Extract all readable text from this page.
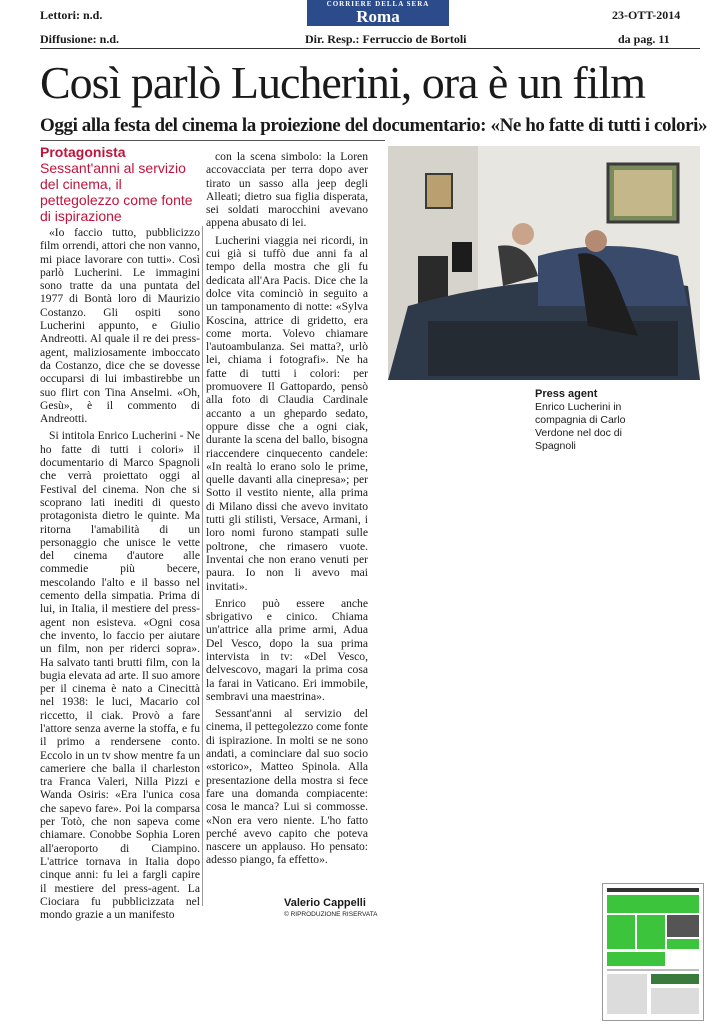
Lettori: n.d.
Diffusione: n.d.
CORRIERE DELLA SERA
Roma
Dir. Resp.: Ferruccio de Bortoli
23-OTT-2014
da pag. 11
Così parlò Lucherini, ora è un film
Oggi alla festa del cinema la proiezione del documentario: «Ne ho fatte di tutti i colori»
Protagonista
Sessant'anni al servizio del cinema, il pettegolezzo come fonte di ispirazione

«Io faccio tutto, pubblicizzo film orrendi, attori che non vanno, mi piace lavorare con tutti». Così parlò Lucherini. Le immagini sono tratte da una puntata del 1977 di Bontà loro di Maurizio Costanzo. Gli ospiti sono Lucherini appunto, e Giulio Andreotti. Al quale il re dei press-agent, maliziosamente imboccato da Costanzo, dice che se dovesse occuparsi di lui imbastirebbe un suo flirt con Tina Anselmi. «Oh, Gesù», è il commento di Andreotti.

Si intitola Enrico Lucherini - Ne ho fatte di tutti i colori» il documentario di Marco Spagnoli che verrà proiettato oggi al Festival del cinema. Non che si scoprano lati inediti di questo protagonista dietro le quinte. Ma ritorna l'amabilità di un personaggio che unisce le vette del cinema d'autore alle commedie più becere, mescolando l'alto e il basso nel cemento della simpatia. Prima di lui, in Italia, il mestiere del press-agent non esisteva. «Ogni cosa che invento, lo faccio per aiutare un film, non per riderci sopra». Ha salvato tanti brutti film, con la bugia elevata ad arte. Il suo amore per il cinema è nato a Cinecittà nel 1938: le luci, Macario col riccetto, il ciak. Provò a fare l'attore senza averne la stoffa, e fu il primo a rendersene conto. Eccolo in un tv show mentre fa un cameriere che balla il charleston tra Franca Valeri, Nilla Pizzi e Wanda Osiris: «Era l'unica cosa che sapevo fare». Poi la comparsa per Totò, che non sapeva come chiamare. Conobbe Sophia Loren all'aeroporto di Ciampino. L'attrice tornava in Italia dopo cinque anni: fu lei a fargli capire il mestiere del press-agent. La Ciociara fu pubblicizzata nel mondo grazie a un manifesto

con la scena simbolo: la Loren accovacciata per terra dopo aver tirato un sasso alla jeep degli Alleati; dietro sua figlia disperata, sei soldati marocchini avevano appena abusato di lei.

Lucherini viaggia nei ricordi, in cui già si tuffò due anni fa al tempo della mostra che gli fu dedicata all'Ara Pacis. Dice che la dolce vita cominciò in seguito a un tamponamento di notte: «Sylva Koscina, attrice di gridetto, era come morta. Volevo chiamare l'autoambulanza. Sei matta?, urlò lei, chiama i fotografi». Ne ha fatte di tutti i colori: per promuovere Il Gattopardo, pensò alla foto di Claudia Cardinale accanto a un ghepardo sedato, oppure disse che a ogni ciak, durante la scena del ballo, bisogna riaccendere cinquecento candele: «In realtà lo erano solo le prime, quelle davanti alla cinepresa»; per Sotto il vestito niente, alla prima di Milano dissi che avevo invitato tutti gli stilisti, Versace, Armani, i loro nomi furono stampati sulle poltrone, che rimasero vuote. Inventai che non erano venuti per paura. Io non li avevo mai invitati».

Enrico può essere anche sbrigativo e cinico. Chiama un'attrice alla prime armi, Adua Del Vesco, dopo la sua prima intervista in tv: «Del Vesco, delvescovo, magari la prima cosa la farai in Vaticano. Eri immobile, sembravi una maestrina».

Sessant'anni al servizio del cinema, il pettegolezzo come fonte di ispirazione. In molti se ne sono andati, a cominciare dal suo socio «storico», Matteo Spinola. Alla presentazione della mostra si fece fare una domanda compiacente: cosa le manca? Lui si commosse. «Non era vero niente. L'ho fatto perché avevo capito che poteva nascere un applauso. Ho pensato: adesso piango, fa effetto».

Valerio Cappelli
© RIPRODUZIONE RISERVATA
Press agent
Enrico Lucherini in compagnia di Carlo Verdone nel doc di Spagnoli
